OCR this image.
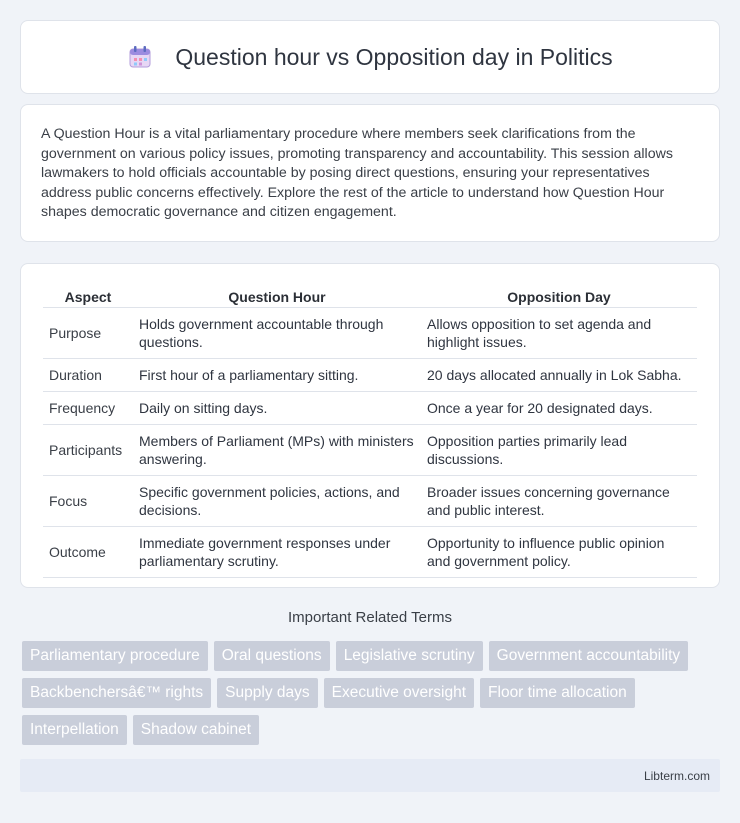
Question hour vs Opposition day in Politics

A Question Hour is a vital parliamentary procedure where members seek clarifications from the government on various policy issues, promoting transparency and accountability. This session allows lawmakers to hold officials accountable by posing direct questions, ensuring your representatives address public concerns effectively. Explore the rest of the article to understand how Question Hour shapes democratic governance and citizen engagement.

Aspect	Question Hour	Opposition Day
Purpose	Holds government accountable through questions.	Allows opposition to set agenda and highlight issues.
Duration	First hour of a parliamentary sitting.	20 days allocated annually in Lok Sabha.
Frequency	Daily on sitting days.	Once a year for 20 designated days.
Participants	Members of Parliament (MPs) with ministers answering.	Opposition parties primarily lead discussions.
Focus	Specific government policies, actions, and decisions.	Broader issues concerning governance and public interest.
Outcome	Immediate government responses under parliamentary scrutiny.	Opportunity to influence public opinion and government policy.
Important Related Terms
Parliamentary procedure	Oral questions	Legislative scrutiny	Government accountability
Backbenchersâ€™ rights	Supply days	Executive oversight	Floor time allocation
Interpellation	Shadow cabinet
Libterm.com
